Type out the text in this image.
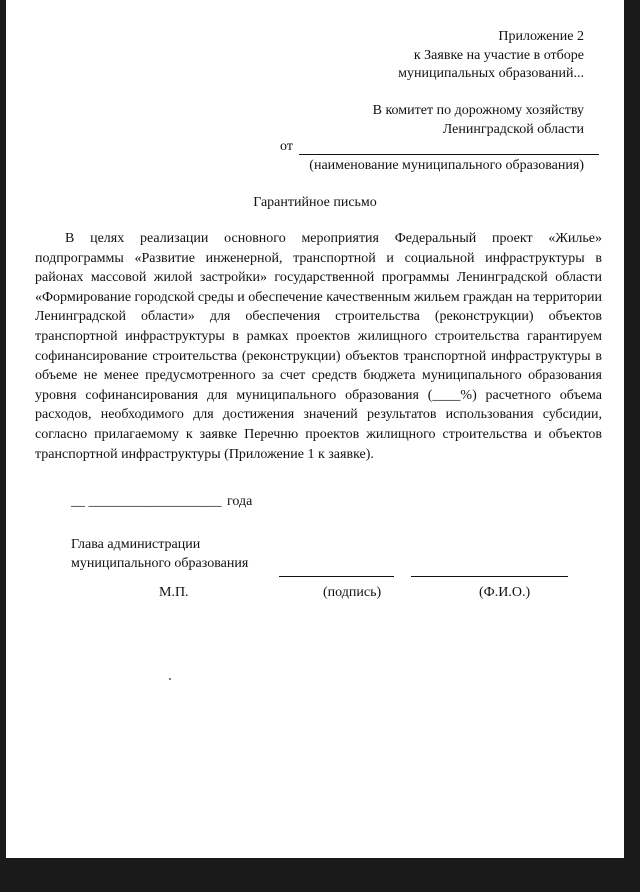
Приложение 2
к Заявке на участие в отборе
муниципальных образований...
В комитет по дорожному хозяйству
Ленинградской области
от
(наименование муниципального образования)
Гарантийное письмо

В целях реализации основного мероприятия Федеральный проект «Жилье» подпрограммы «Развитие инженерной, транспортной и социальной инфраструктуры в районах массовой жилой застройки» государственной программы Ленинградской области «Формирование городской среды и обеспечение качественным жильем граждан на территории Ленинградской области» для обеспечения строительства (реконструкции) объектов транспортной инфраструктуры в рамках проектов жилищного строительства гарантируем софинансирование строительства (реконструкции) объектов транспортной инфраструктуры в объеме не менее предусмотренного за счет средств бюджета муниципального образования уровня софинансирования для муниципального образования (____%) расчетного объема расходов, необходимого для достижения значений результатов использования субсидии, согласно прилагаемому к заявке Перечню проектов жилищного строительства и объектов транспортной инфраструктуры (Приложение 1 к заявке).

__ ___________________ года
Глава администрации
муниципального образования
М.П.	(подпись)	(Ф.И.О.)
